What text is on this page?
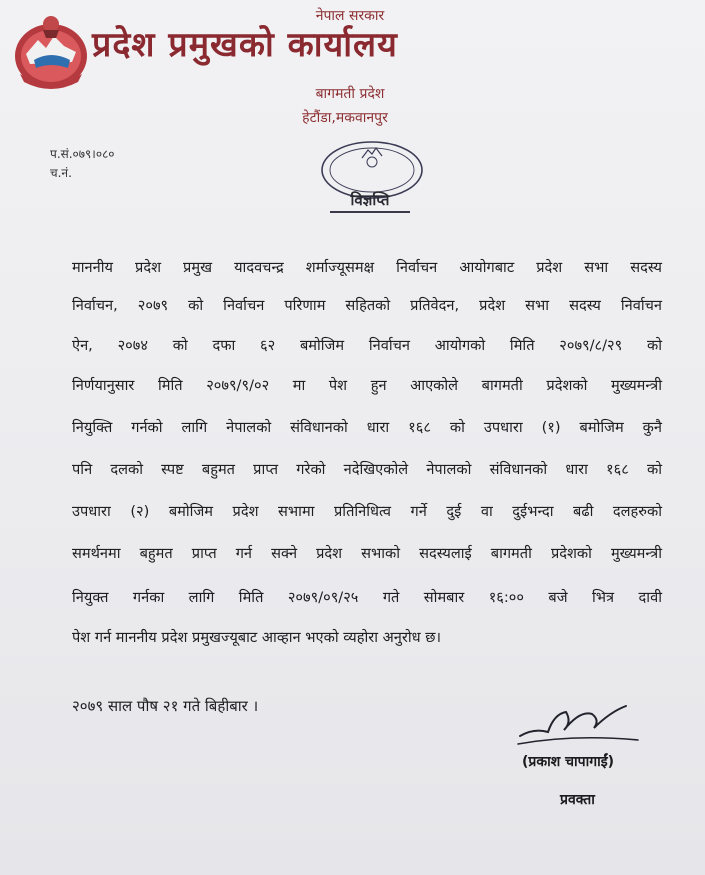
नेपाल सरकार
प्रदेश प्रमुखको कार्यालय
बागमती प्रदेश
हेटौंडा,मकवानपुर
प.सं.०७९।०८०
च.नं.
विज्ञप्ति
माननीय प्रदेश प्रमुख यादवचन्द्र शर्माज्यूसमक्ष निर्वाचन आयोगबाट प्रदेश सभा सदस्य
निर्वाचन, २०७९ को निर्वाचन परिणाम सहितको प्रतिवेदन, प्रदेश सभा सदस्य निर्वाचन
ऐन, २०७४ को दफा ६२ बमोजिम निर्वाचन आयोगको मिति २०७९/८/२९ को
निर्णयानुसार मिति २०७९/९/०२ मा पेश हुन आएकोले बागमती प्रदेशको मुख्यमन्त्री
नियुक्ति गर्नको लागि नेपालको संविधानको धारा १६८ को उपधारा (१) बमोजिम कुनै
पनि दलको स्पष्ट बहुमत प्राप्त गरेको नदेखिएकोले नेपालको संविधानको धारा १६८ को
उपधारा (२) बमोजिम प्रदेश सभामा प्रतिनिधित्व गर्ने दुई वा दुईभन्दा बढी दलहरुको
समर्थनमा बहुमत प्राप्त गर्न सक्ने प्रदेश सभाको सदस्यलाई बागमती प्रदेशको मुख्यमन्त्री
नियुक्त गर्नका लागि मिति २०७९/०९/२५ गते सोमबार १६:०० बजे भित्र दावी
पेश गर्न माननीय प्रदेश प्रमुखज्यूबाट आव्हान भएको व्यहोरा अनुरोध छ।
२०७९ साल पौष २१ गते बिहीबार ।
(प्रकाश चापागाईं)
प्रवक्ता
